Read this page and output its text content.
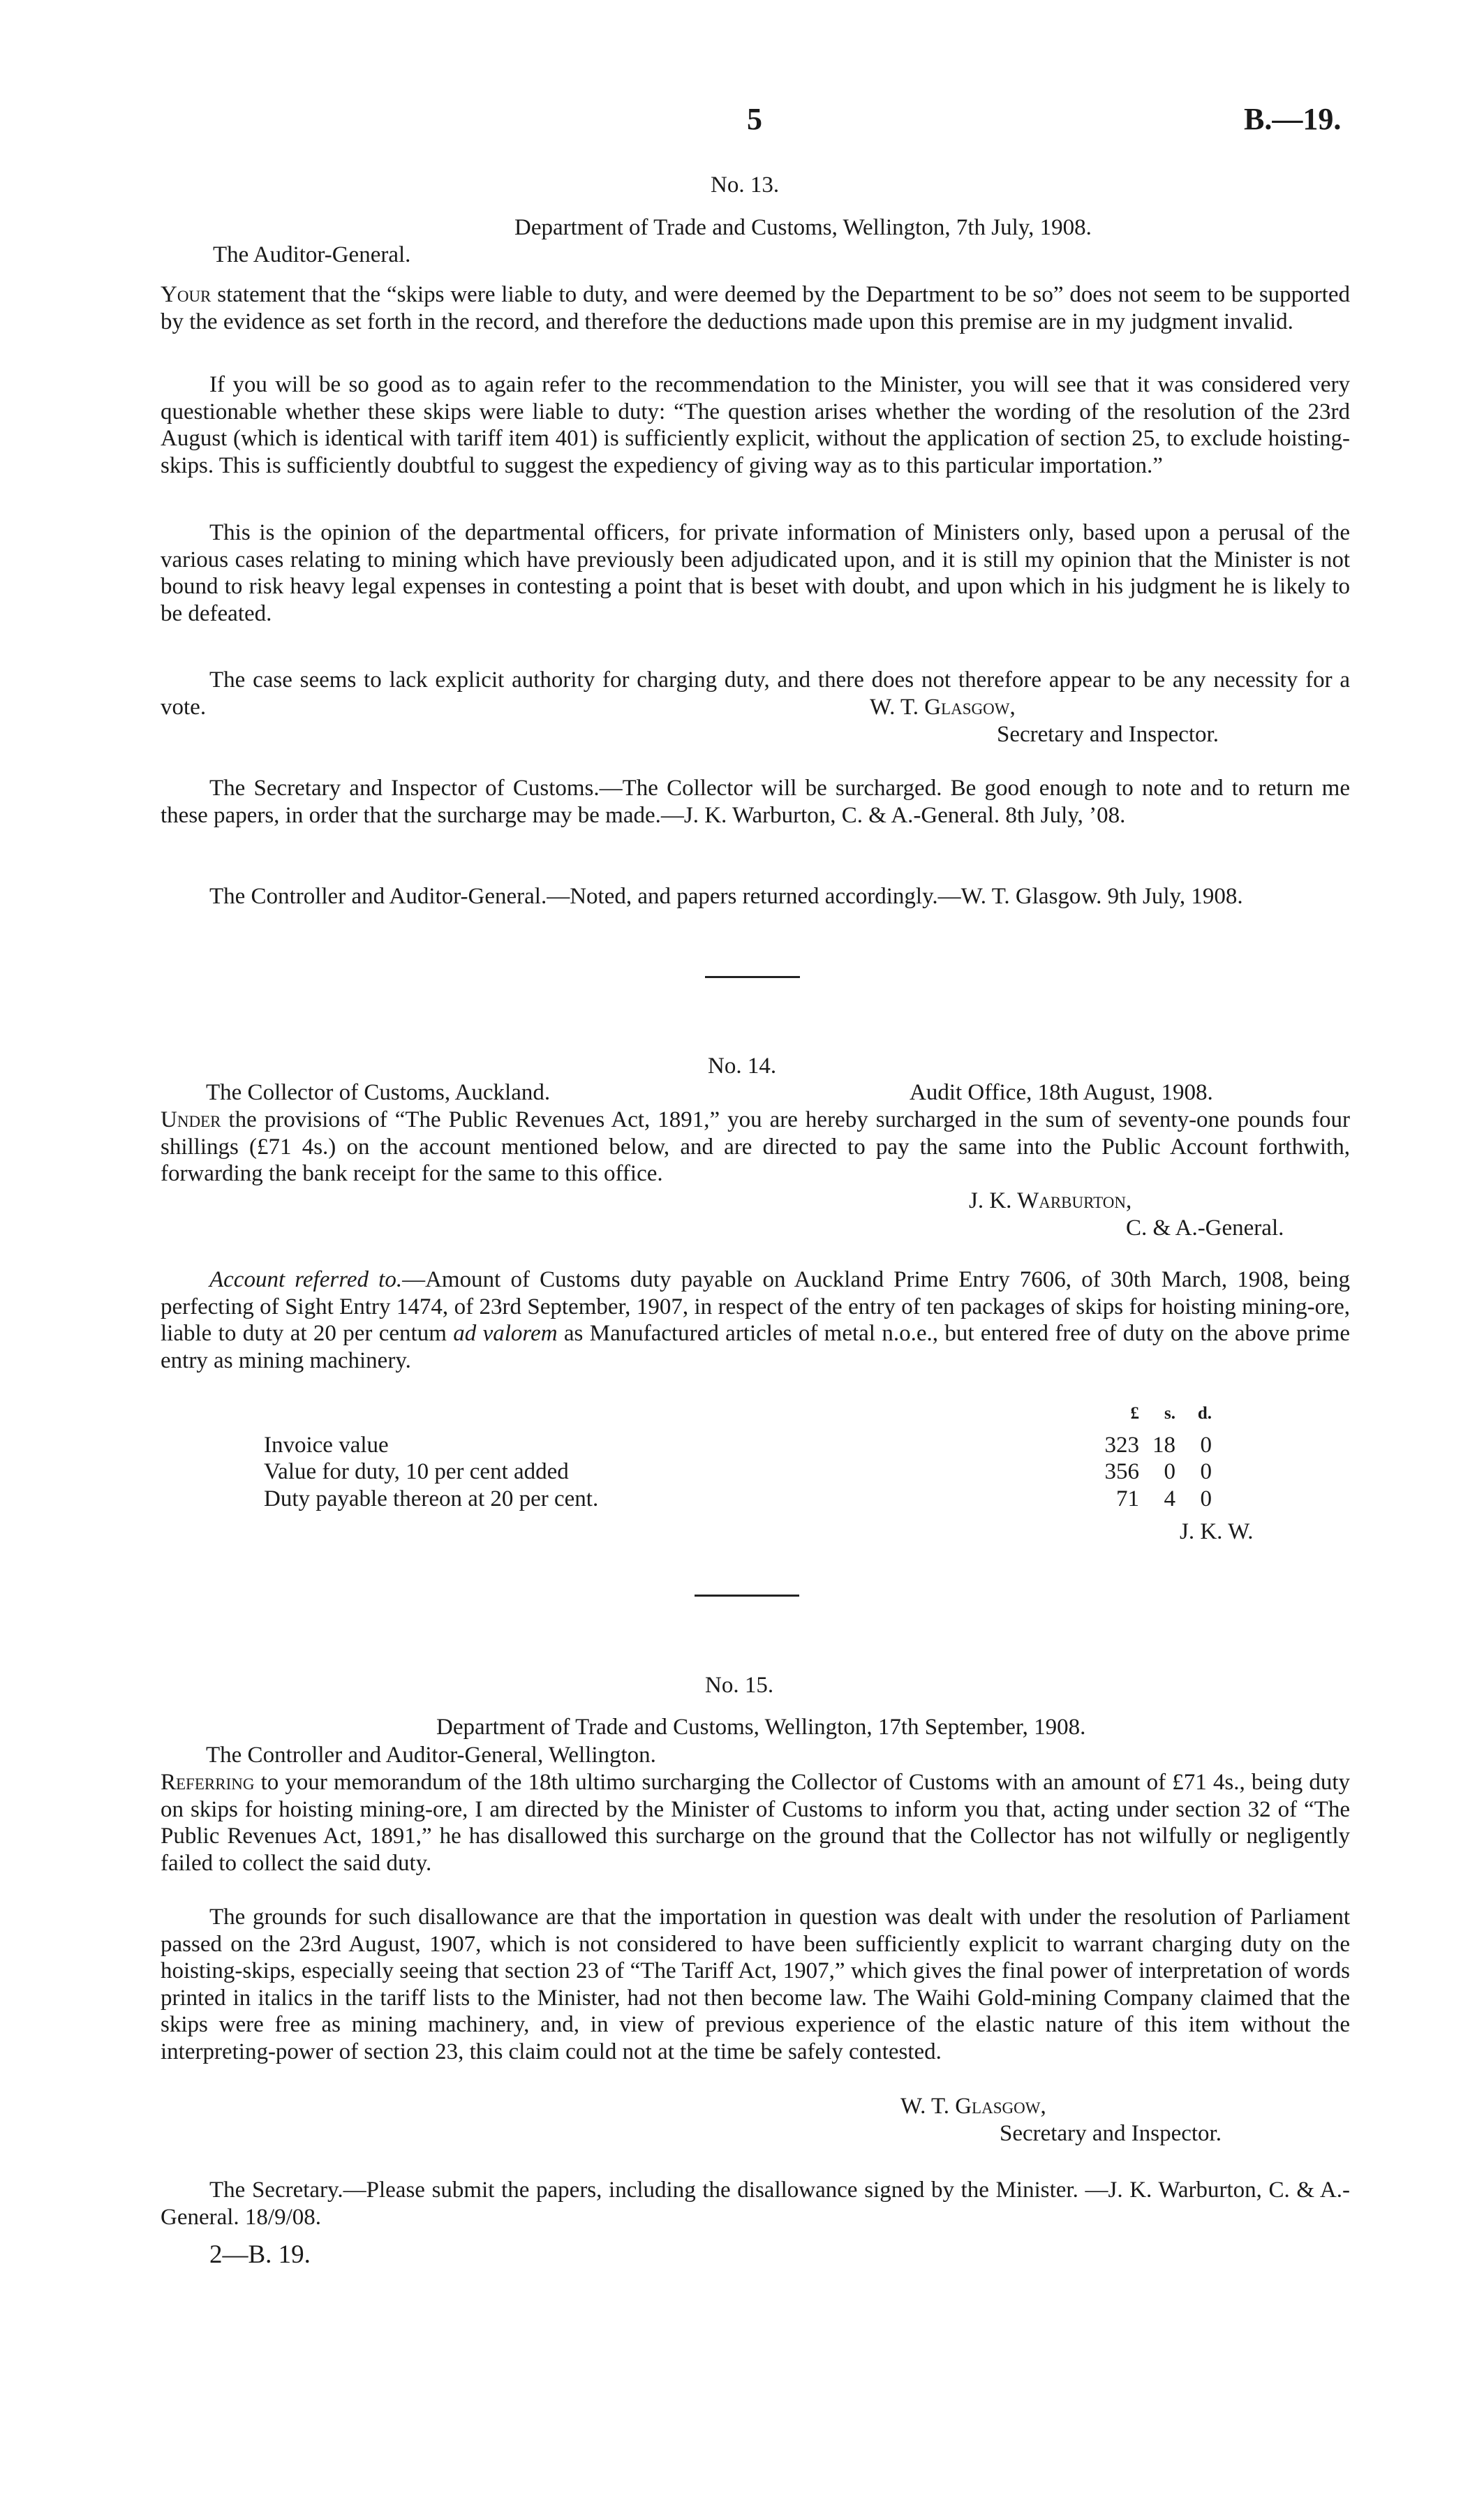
5	B.—19.
No. 13.
Department of Trade and Customs, Wellington, 7th July, 1908.
The Auditor-General.
Your statement that the “skips were liable to duty, and were deemed by the Department to be so” does not seem to be supported by the evidence as set forth in the record, and therefore the deductions made upon this premise are in my judgment invalid.
If you will be so good as to again refer to the recommendation to the Minister, you will see that it was considered very questionable whether these skips were liable to duty: “The question arises whether the wording of the resolution of the 23rd August (which is identical with tariff item 401) is sufficiently explicit, without the application of section 25, to exclude hoisting-skips. This is sufficiently doubtful to suggest the expediency of giving way as to this particular importation.”
This is the opinion of the departmental officers, for private information of Ministers only, based upon a perusal of the various cases relating to mining which have previously been adjudicated upon, and it is still my opinion that the Minister is not bound to risk heavy legal expenses in contesting a point that is beset with doubt, and upon which in his judgment he is likely to be defeated.
The case seems to lack explicit authority for charging duty, and there does not therefore appear to be any necessity for a vote.	W. T. Glasgow,
Secretary and Inspector.
The Secretary and Inspector of Customs.—The Collector will be surcharged. Be good enough to note and to return me these papers, in order that the surcharge may be made.—J. K. Warburton, C. & A.-General. 8th July, ’08.
The Controller and Auditor-General.—Noted, and papers returned accordingly.—W. T. Glasgow. 9th July, 1908.
No. 14.
The Collector of Customs, Auckland.	Audit Office, 18th August, 1908.
Under the provisions of “The Public Revenues Act, 1891,” you are hereby surcharged in the sum of seventy-one pounds four shillings (£71 4s.) on the account mentioned below, and are directed to pay the same into the Public Account forthwith, forwarding the bank receipt for the same to this office.
J. K. Warburton,
C. & A.-General.
Account referred to.—Amount of Customs duty payable on Auckland Prime Entry 7606, of 30th March, 1908, being perfecting of Sight Entry 1474, of 23rd September, 1907, in respect of the entry of ten packages of skips for hoisting mining-ore, liable to duty at 20 per centum ad valorem as Manufactured articles of metal n.o.e., but entered free of duty on the above prime entry as mining machinery.
	£	s.	d.
Invoice value	323	18	0
Value for duty, 10 per cent added	356	0	0
Duty payable thereon at 20 per cent.	71	4	0
J. K. W.
No. 15.
Department of Trade and Customs, Wellington, 17th September, 1908.
The Controller and Auditor-General, Wellington.
Referring to your memorandum of the 18th ultimo surcharging the Collector of Customs with an amount of £71 4s., being duty on skips for hoisting mining-ore, I am directed by the Minister of Customs to inform you that, acting under section 32 of “The Public Revenues Act, 1891,” he has disallowed this surcharge on the ground that the Collector has not wilfully or negligently failed to collect the said duty.
The grounds for such disallowance are that the importation in question was dealt with under the resolution of Parliament passed on the 23rd August, 1907, which is not considered to have been sufficiently explicit to warrant charging duty on the hoisting-skips, especially seeing that section 23 of “The Tariff Act, 1907,” which gives the final power of interpretation of words printed in italics in the tariff lists to the Minister, had not then become law. The Waihi Gold-mining Company claimed that the skips were free as mining machinery, and, in view of previous experience of the elastic nature of this item without the interpreting-power of section 23, this claim could not at the time be safely contested.
W. T. Glasgow,
Secretary and Inspector.
The Secretary.—Please submit the papers, including the disallowance signed by the Minister. —J. K. Warburton, C. & A.-General. 18/9/08.
2—B. 19.
